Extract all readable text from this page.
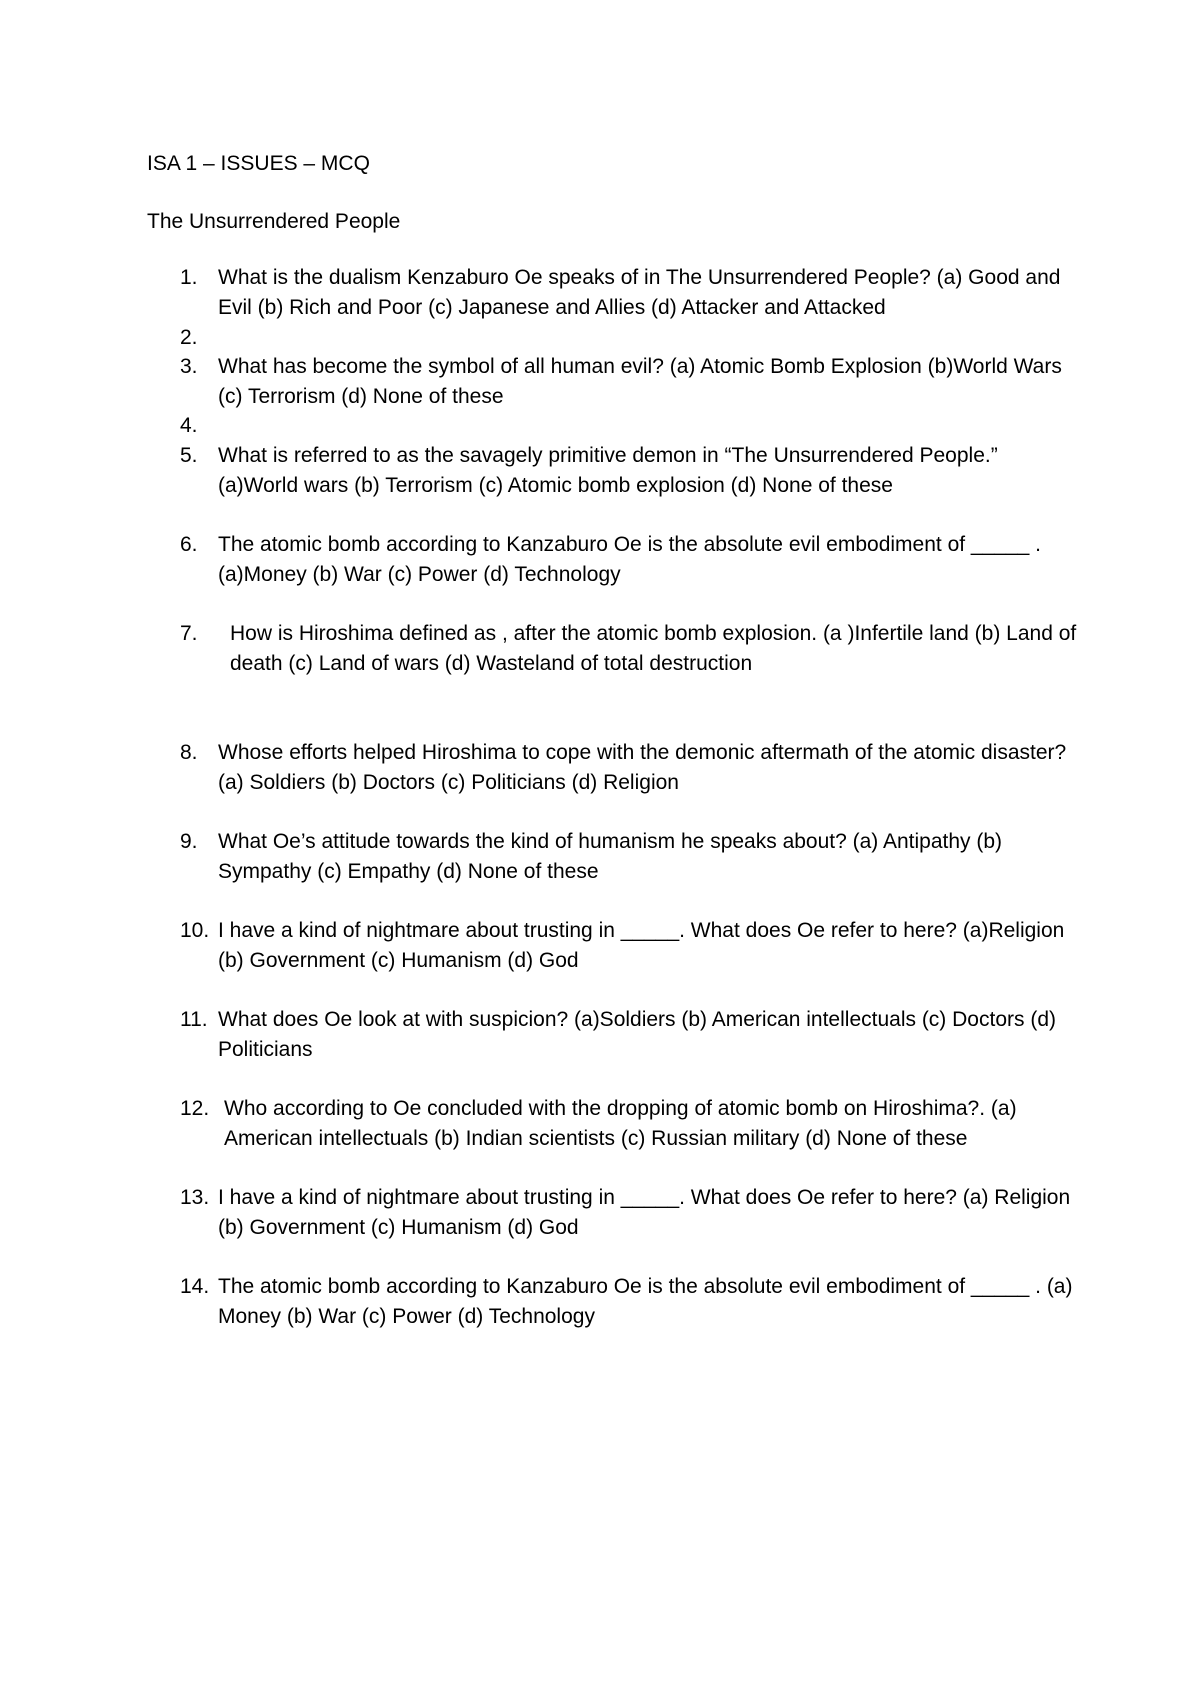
ISA 1 – ISSUES – MCQ
The Unsurrendered People
1. What is the dualism Kenzaburo Oe speaks of in The Unsurrendered People? (a) Good and Evil (b) Rich and Poor (c) Japanese and Allies (d) Attacker and Attacked
2.
3. What has become the symbol of all human evil? (a) Atomic Bomb Explosion (b)World Wars (c) Terrorism (d) None of these
4.
5. What is referred to as the savagely primitive demon in “The Unsurrendered People.” (a)World wars (b) Terrorism (c) Atomic bomb explosion (d) None of these
6. The atomic bomb according to Kanzaburo Oe is the absolute evil embodiment of _____ . (a)Money (b) War (c) Power (d) Technology
7.	How is Hiroshima defined as , after the atomic bomb explosion. (a )Infertile land (b) Land of death (c) Land of wars (d) Wasteland of total destruction
8. Whose efforts helped Hiroshima to cope with the demonic aftermath of the atomic disaster? (a) Soldiers (b) Doctors (c) Politicians (d) Religion
9. What Oe’s attitude towards the kind of humanism he speaks about? (a) Antipathy (b) Sympathy (c) Empathy (d) None of these
10. I have a kind of nightmare about trusting in _____. What does Oe refer to here? (a)Religion (b) Government (c) Humanism (d) God
11. What does Oe look at with suspicion? (a)Soldiers (b) American intellectuals (c) Doctors (d) Politicians
12. Who according to Oe concluded with the dropping of atomic bomb on Hiroshima?. (a) American intellectuals (b) Indian scientists (c) Russian military (d) None of these
13. I have a kind of nightmare about trusting in _____. What does Oe refer to here? (a) Religion (b) Government (c) Humanism (d) God
14. The atomic bomb according to Kanzaburo Oe is the absolute evil embodiment of _____ . (a) Money (b) War (c) Power (d) Technology
